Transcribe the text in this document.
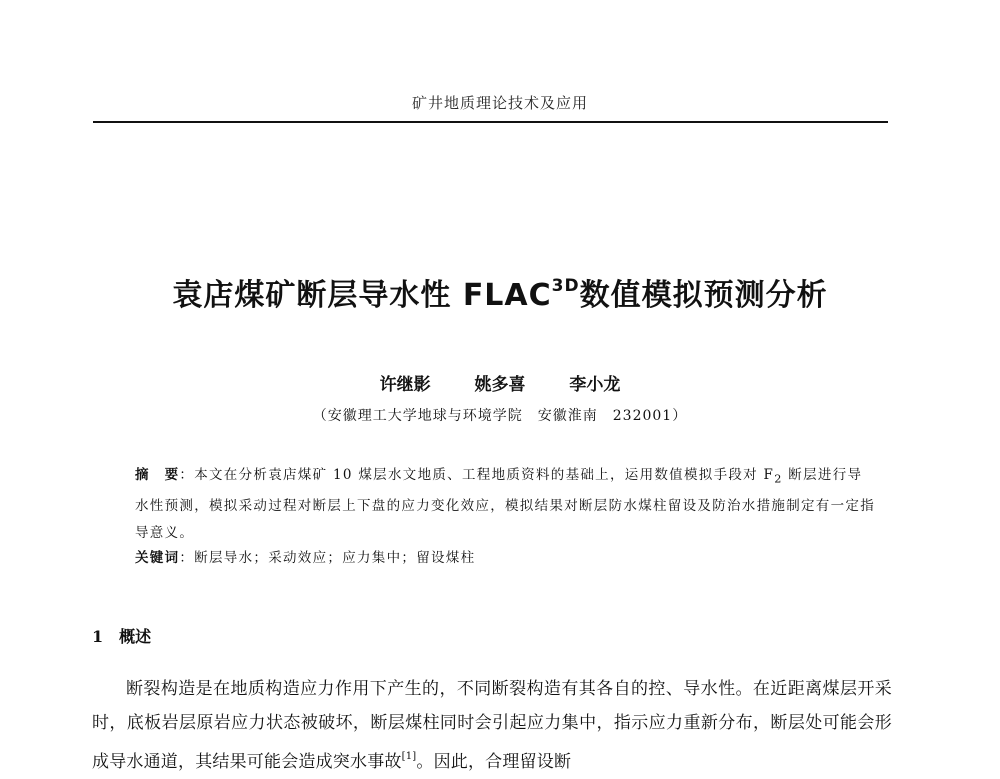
矿井地质理论技术及应用
袁店煤矿断层导水性 $FLAC^{3D}$数值模拟预测分析
许继影	姚多喜	李小龙
（安徽理工大学地球与环境学院　安徽淮南　232001）
摘　要：本文在分析袁店煤矿 10 煤层水文地质、工程地质资料的基础上，运用数值模拟手段对 $F_2$ 断层进行导水性预测，模拟采动过程对断层上下盘的应力变化效应，模拟结果对断层防水煤柱留设及防治水措施制定有一定指导意义。
关键词：断层导水；采动效应；应力集中；留设煤柱
1 概述
断裂构造是在地质构造应力作用下产生的，不同断裂构造有其各自的控、导水性。在近距离煤层开采时，底板岩层原岩应力状态被破坏，断层煤柱同时会引起应力集中，指示应力重新分布，断层处可能会形成导水通道，其结果可能会造成突水事故[1]。因此，合理留设断
